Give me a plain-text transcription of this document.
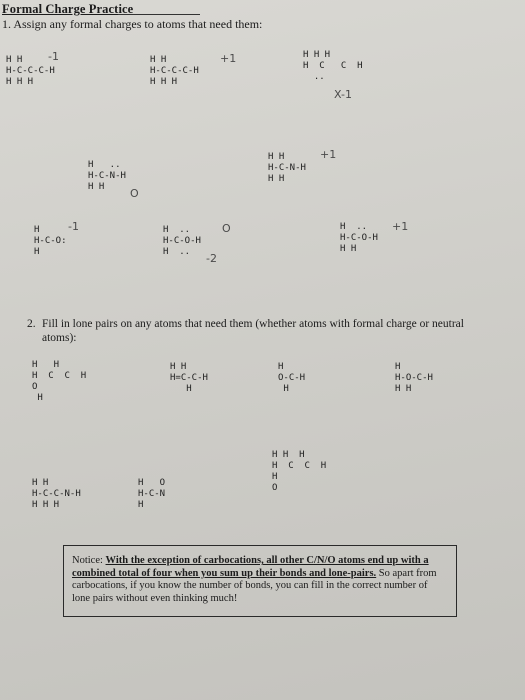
Formal Charge Practice
1. Assign any formal charges to atoms that need them:
H H
H-C-C-C-H
H H H
-1	H H
H-C-C-C-H
H H H
+1	H H H
H  C   C  H
..
X-1
H   ..
H-C-N-H
H H	O
H H
H-C-N-H
H H
+1
H
H-C-O:
H
-1	H  ..
H-C-O-H
H  ..
O
-2
H  ..
H-C-O-H
H H
+1
2. Fill in lone pairs on any atoms that need them (whether atoms with formal charge or neutral atoms):
H   H
H  C  C  H
O
H
H H
H=C-C-H
H
H
O-C-H
H
H
H-O-C-H
H H
H H  H
H  C  C  H
H
O
H H
H-C-C-N-H
H H H
H   O
H-C-N
H
Notice: With the exception of carbocations, all other C/N/O atoms end up with a combined total of four when you sum up their bonds and lone-pairs. So apart from carbocations, if you know the number of bonds, you can fill in the correct number of lone pairs without even thinking much!
